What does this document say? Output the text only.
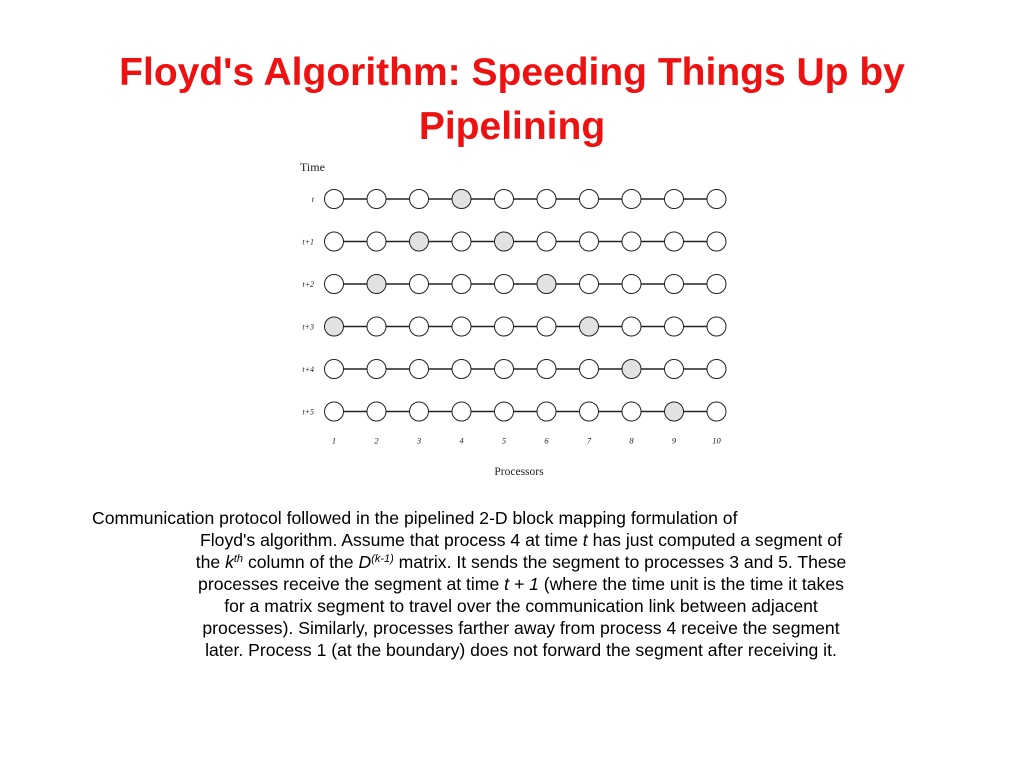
Floyd's Algorithm: Speeding Things Up by Pipelining
Time
t
t+1
t+2
t+3
t+4
t+5
1	2	3	4	5	6	7	8	9	10
Processors

Communication protocol followed in the pipelined 2-D block mapping formulation of
Floyd's algorithm. Assume that process 4 at time t has just computed a segment of
the $k^{th}$ column of the $D^{(k-1)}$ matrix. It sends the segment to processes 3 and 5. These
processes receive the segment at time t + 1 (where the time unit is the time it takes
for a matrix segment to travel over the communication link between adjacent
processes). Similarly, processes farther away from process 4 receive the segment
later. Process 1 (at the boundary) does not forward the segment after receiving it.
